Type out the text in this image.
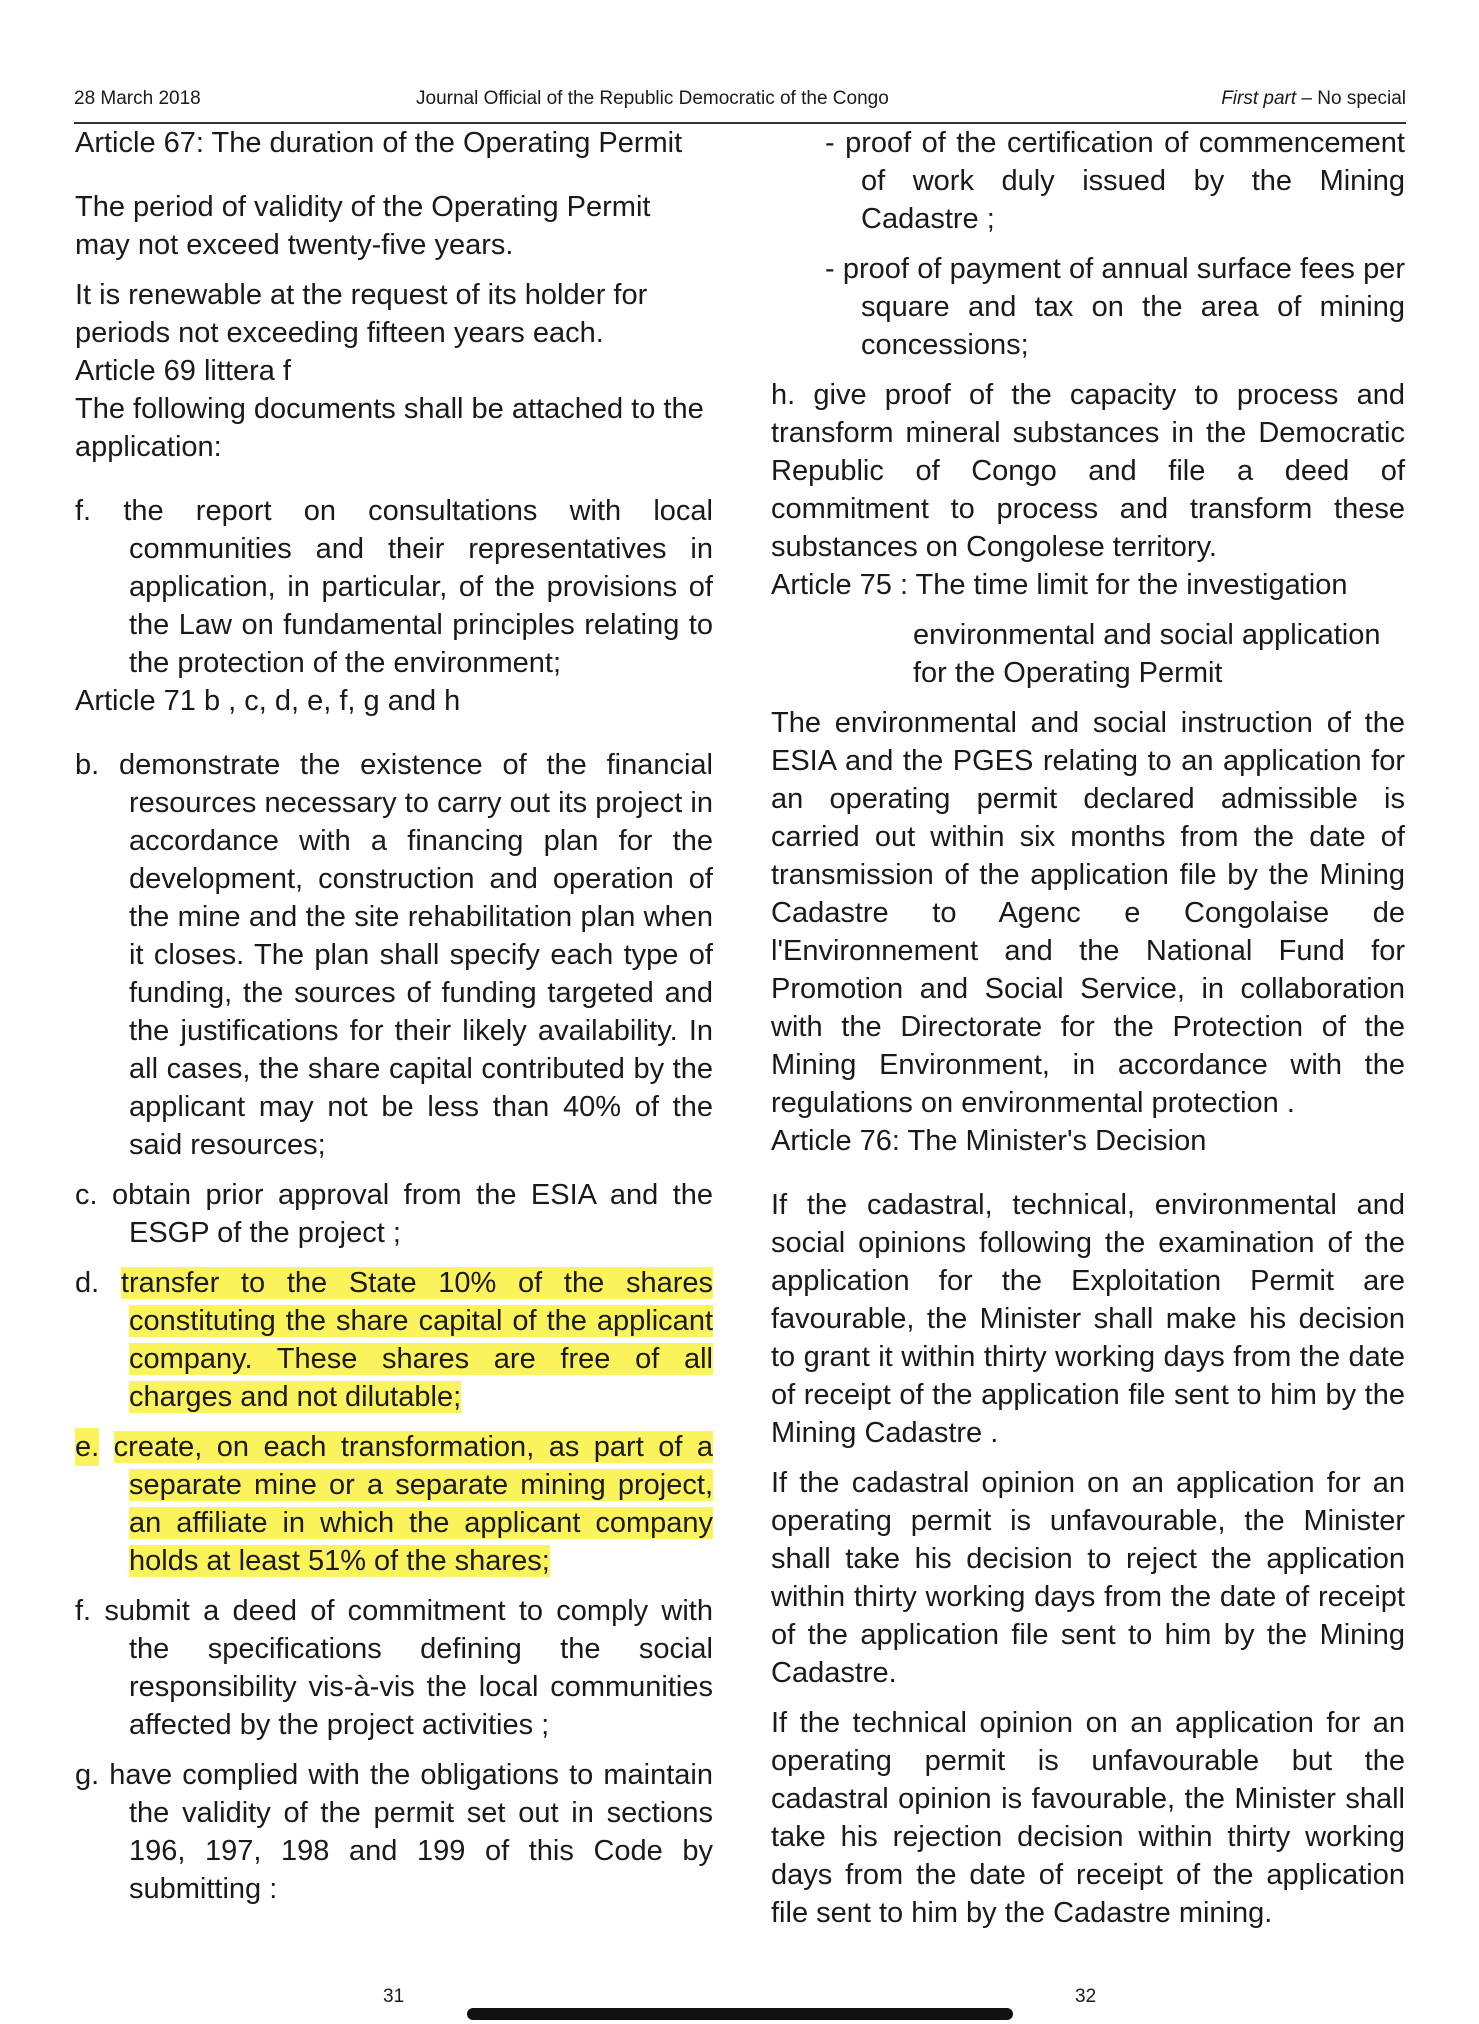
28 March 2018	Journal Official of the Republic Democratic of the Congo	First part – No special

Article 67: The duration of the Operating Permit

The period of validity of the Operating Permit may not exceed twenty-five years.

It is renewable at the request of its holder for periods not exceeding fifteen years each.

Article 69 littera f

The following documents shall be attached to the application:

f. the report on consultations with local communities and their representatives in application, in particular, of the provisions of the Law on fundamental principles relating to the protection of the environment;

Article 71 b , c, d, e, f, g and h

b. demonstrate the existence of the financial resources necessary to carry out its project in accordance with a financing plan for the development, construction and operation of the mine and the site rehabilitation plan when it closes. The plan shall specify each type of funding, the sources of funding targeted and the justifications for their likely availability. In all cases, the share capital contributed by the applicant may not be less than 40% of the said resources;

c. obtain prior approval from the ESIA and the ESGP of the project ;

d. transfer to the State 10% of the shares constituting the share capital of the applicant company. These shares are free of all charges and not dilutable;

e. create, on each transformation, as part of a separate mine or a separate mining project, an affiliate in which the applicant company holds at least 51% of the shares;

f. submit a deed of commitment to comply with the specifications defining the social responsibility vis-à-vis the local communities affected by the project activities ;

g. have complied with the obligations to maintain the validity of the permit set out in sections 196, 197, 198 and 199 of this Code by submitting :

- proof of the certification of commencement of work duly issued by the Mining Cadastre ;

- proof of payment of annual surface fees per square and tax on the area of mining concessions;

h. give proof of the capacity to process and transform mineral substances in the Democratic Republic of Congo and file a deed of commitment to process and transform these substances on Congolese territory.

Article 75 : The time limit for the investigation

environmental and social application

for the Operating Permit

The environmental and social instruction of the ESIA and the PGES relating to an application for an operating permit declared admissible is carried out within six months from the date of transmission of the application file by the Mining Cadastre to Agenc e Congolaise de l'Environnement and the National Fund for Promotion and Social Service, in collaboration with the Directorate for the Protection of the Mining Environment, in accordance with the regulations on environmental protection .

Article 76: The Minister's Decision

If the cadastral, technical, environmental and social opinions following the examination of the application for the Exploitation Permit are favourable, the Minister shall make his decision to grant it within thirty working days from the date of receipt of the application file sent to him by the Mining Cadastre .

If the cadastral opinion on an application for an operating permit is unfavourable, the Minister shall take his decision to reject the application within thirty working days from the date of receipt of the application file sent to him by the Mining Cadastre.

If the technical opinion on an application for an operating permit is unfavourable but the cadastral opinion is favourable, the Minister shall take his rejection decision within thirty working days from the date of receipt of the application file sent to him by the Cadastre mining.

31	32
